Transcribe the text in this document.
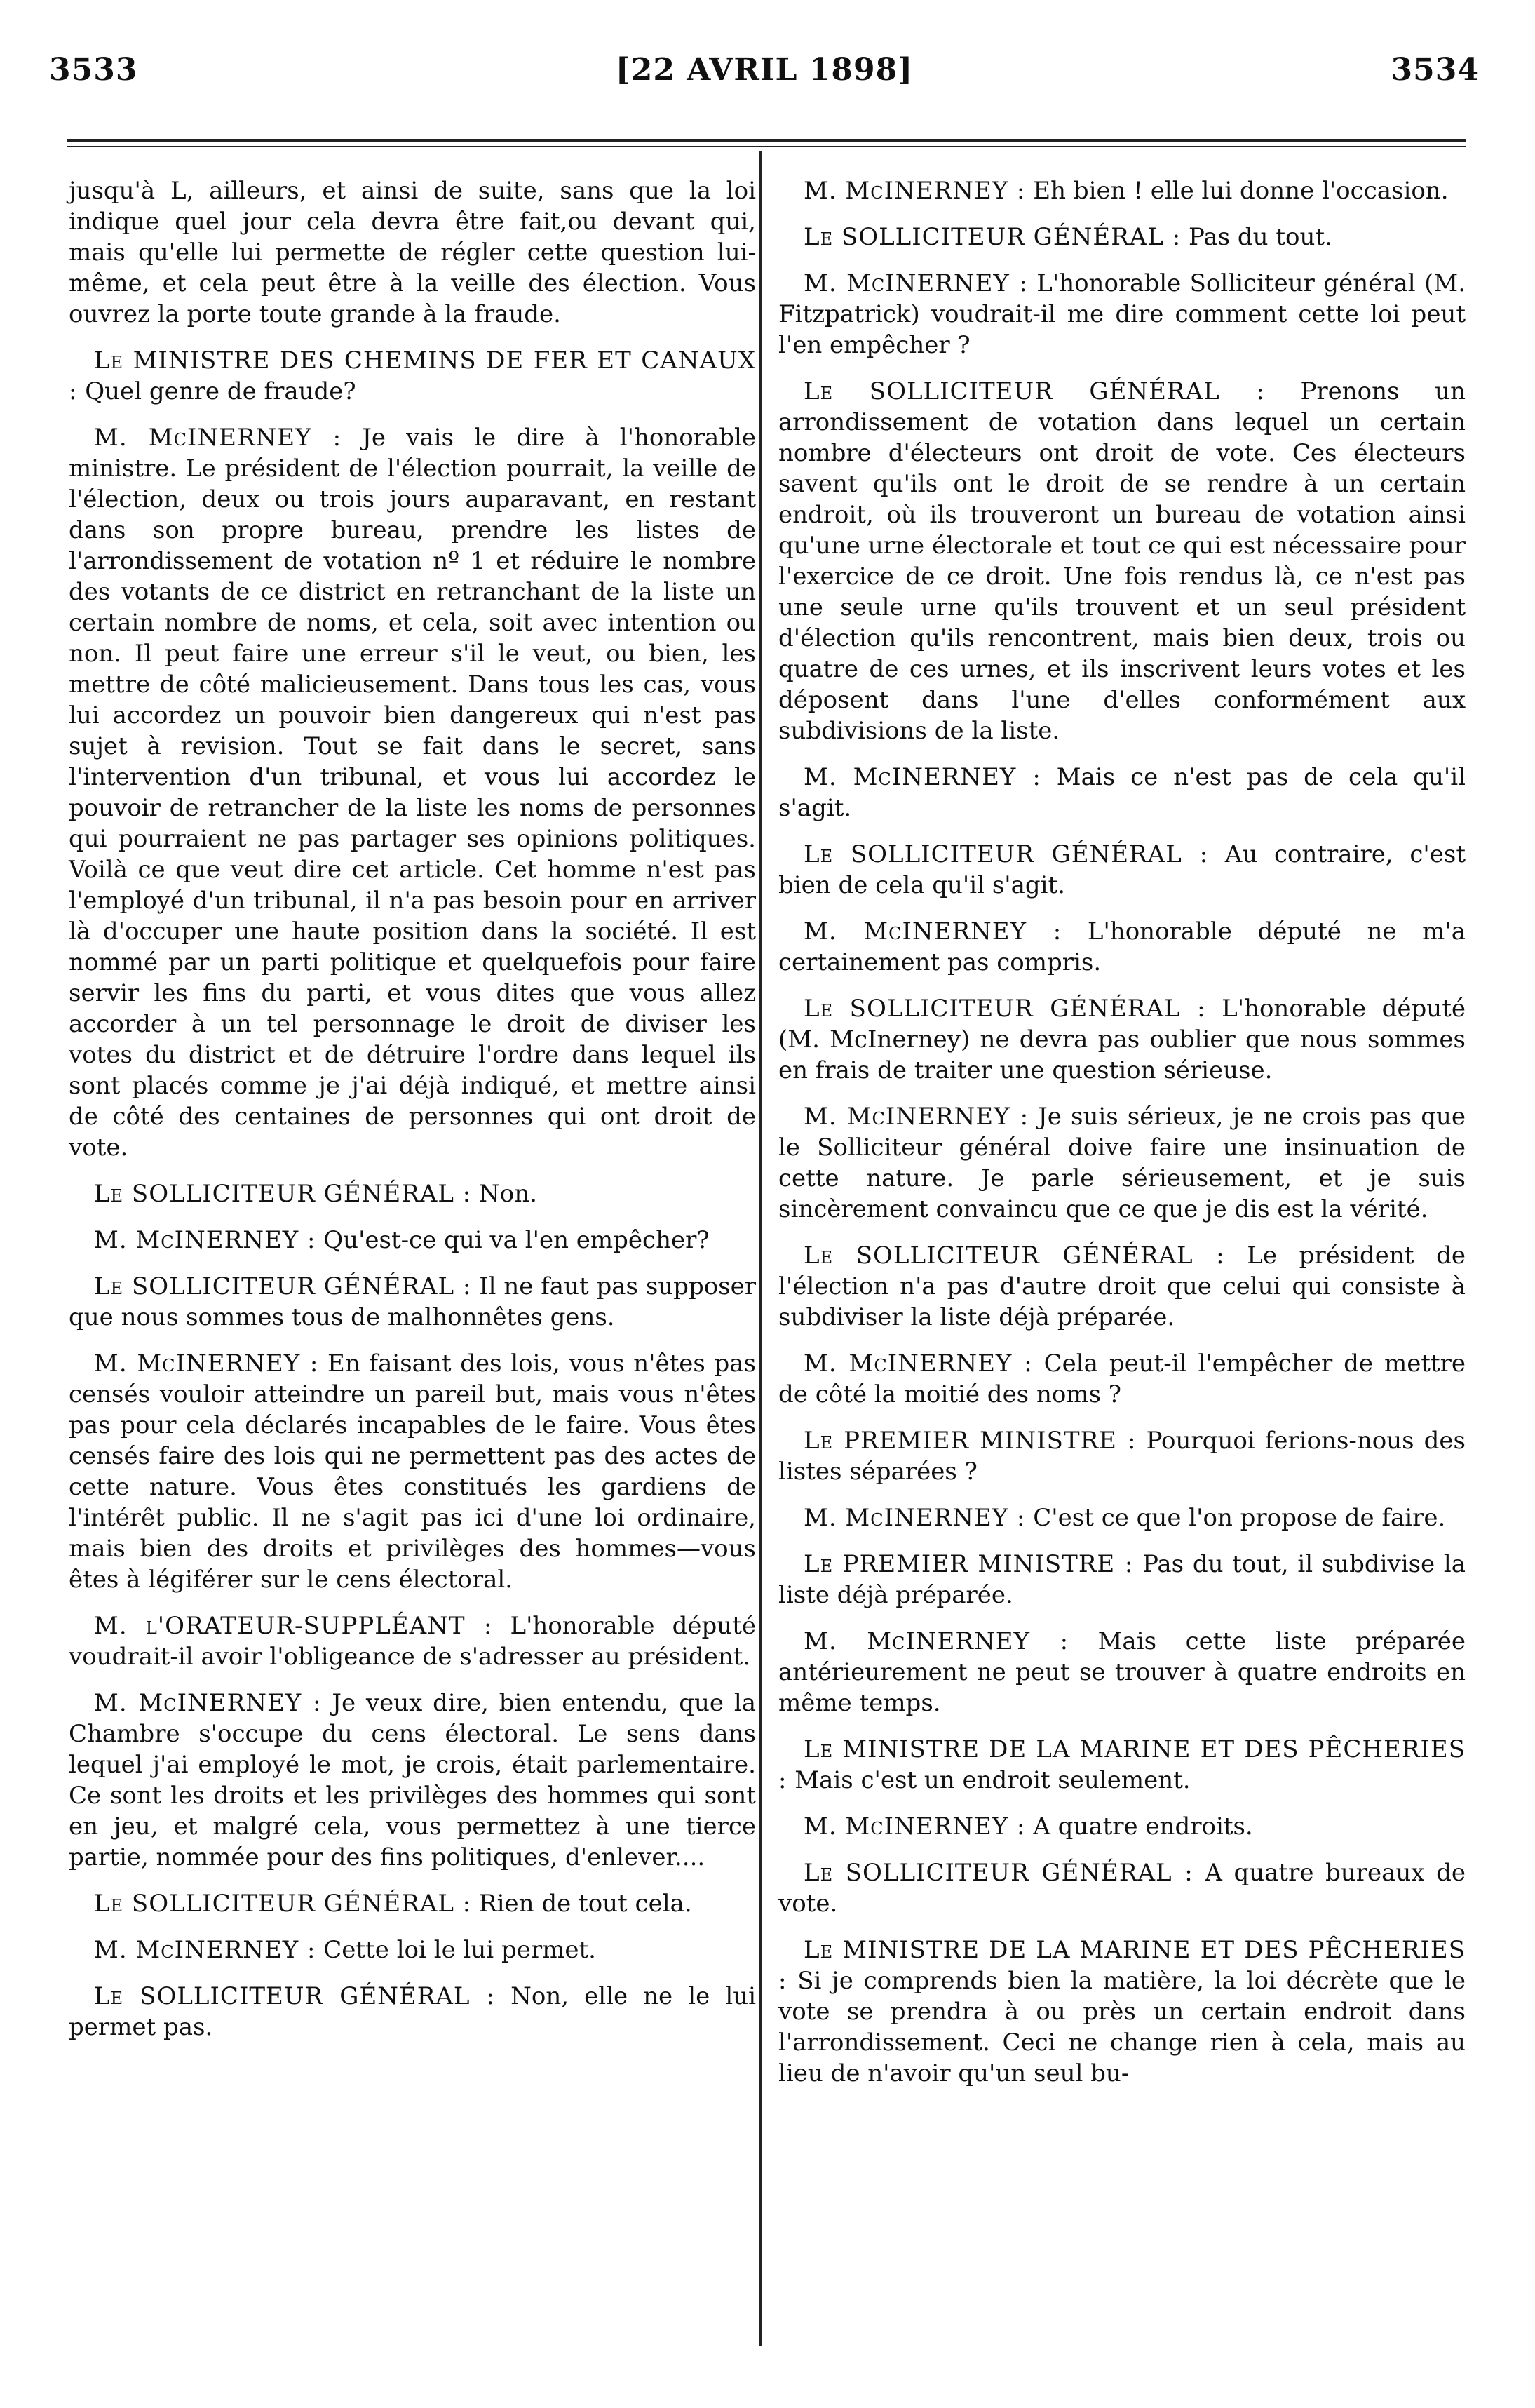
3533	[22 AVRIL 1898]	3534

jusqu'à L, ailleurs, et ainsi de suite, sans que la loi indique quel jour cela devra être fait,ou devant qui, mais qu'elle lui permette de régler cette question lui-même, et cela peut être à la veille des élection. Vous ouvrez la porte toute grande à la fraude.

Le MINISTRE DES CHEMINS DE FER ET CANAUX : Quel genre de fraude?

M. McINERNEY : Je vais le dire à l'honorable ministre. Le président de l'élection pourrait, la veille de l'élection, deux ou trois jours auparavant, en restant dans son propre bureau, prendre les listes de l'arrondissement de votation nº 1 et réduire le nombre des votants de ce district en retranchant de la liste un certain nombre de noms, et cela, soit avec intention ou non. Il peut faire une erreur s'il le veut, ou bien, les mettre de côté malicieusement. Dans tous les cas, vous lui accordez un pouvoir bien dangereux qui n'est pas sujet à revision. Tout se fait dans le secret, sans l'intervention d'un tribunal, et vous lui accordez le pouvoir de retrancher de la liste les noms de personnes qui pourraient ne pas partager ses opinions politiques. Voilà ce que veut dire cet article. Cet homme n'est pas l'employé d'un tribunal, il n'a pas besoin pour en arriver là d'occuper une haute position dans la société. Il est nommé par un parti politique et quelquefois pour faire servir les fins du parti, et vous dites que vous allez accorder à un tel personnage le droit de diviser les votes du district et de détruire l'ordre dans lequel ils sont placés comme je j'ai déjà indiqué, et mettre ainsi de côté des centaines de personnes qui ont droit de vote.

Le SOLLICITEUR GÉNÉRAL : Non.

M. McINERNEY : Qu'est-ce qui va l'en empêcher?

Le SOLLICITEUR GÉNÉRAL : Il ne faut pas supposer que nous sommes tous de malhonnêtes gens.

M. McINERNEY : En faisant des lois, vous n'êtes pas censés vouloir atteindre un pareil but, mais vous n'êtes pas pour cela déclarés incapables de le faire. Vous êtes censés faire des lois qui ne permettent pas des actes de cette nature. Vous êtes constitués les gardiens de l'intérêt public. Il ne s'agit pas ici d'une loi ordinaire, mais bien des droits et privilèges des hommes—vous êtes à légiférer sur le cens électoral.

M. l'ORATEUR-SUPPLÉANT : L'honorable député voudrait-il avoir l'obligeance de s'adresser au président.

M. McINERNEY : Je veux dire, bien entendu, que la Chambre s'occupe du cens électoral. Le sens dans lequel j'ai employé le mot, je crois, était parlementaire. Ce sont les droits et les privilèges des hommes qui sont en jeu, et malgré cela, vous permettez à une tierce partie, nommée pour des fins politiques, d'enlever....

Le SOLLICITEUR GÉNÉRAL : Rien de tout cela.

M. McINERNEY : Cette loi le lui permet.

Le SOLLICITEUR GÉNÉRAL : Non, elle ne le lui permet pas.

M. McINERNEY : Eh bien ! elle lui donne l'occasion.

Le SOLLICITEUR GÉNÉRAL : Pas du tout.

M. McINERNEY : L'honorable Solliciteur général (M. Fitzpatrick) voudrait-il me dire comment cette loi peut l'en empêcher ?

Le SOLLICITEUR GÉNÉRAL : Prenons un arrondissement de votation dans lequel un certain nombre d'électeurs ont droit de vote. Ces électeurs savent qu'ils ont le droit de se rendre à un certain endroit, où ils trouveront un bureau de votation ainsi qu'une urne électorale et tout ce qui est nécessaire pour l'exercice de ce droit. Une fois rendus là, ce n'est pas une seule urne qu'ils trouvent et un seul président d'élection qu'ils rencontrent, mais bien deux, trois ou quatre de ces urnes, et ils inscrivent leurs votes et les déposent dans l'une d'elles conformément aux subdivisions de la liste.

M. McINERNEY : Mais ce n'est pas de cela qu'il s'agit.

Le SOLLICITEUR GÉNÉRAL : Au contraire, c'est bien de cela qu'il s'agit.

M. McINERNEY : L'honorable député ne m'a certainement pas compris.

Le SOLLICITEUR GÉNÉRAL : L'honorable député (M. McInerney) ne devra pas oublier que nous sommes en frais de traiter une question sérieuse.

M. McINERNEY : Je suis sérieux, je ne crois pas que le Solliciteur général doive faire une insinuation de cette nature. Je parle sérieusement, et je suis sincèrement convaincu que ce que je dis est la vérité.

Le SOLLICITEUR GÉNÉRAL : Le président de l'élection n'a pas d'autre droit que celui qui consiste à subdiviser la liste déjà préparée.

M. McINERNEY : Cela peut-il l'empêcher de mettre de côté la moitié des noms ?

Le PREMIER MINISTRE : Pourquoi ferions-nous des listes séparées ?

M. McINERNEY : C'est ce que l'on propose de faire.

Le PREMIER MINISTRE : Pas du tout, il subdivise la liste déjà préparée.

M. McINERNEY : Mais cette liste préparée antérieurement ne peut se trouver à quatre endroits en même temps.

Le MINISTRE DE LA MARINE ET DES PÊCHERIES : Mais c'est un endroit seulement.

M. McINERNEY : A quatre endroits.

Le SOLLICITEUR GÉNÉRAL : A quatre bureaux de vote.

Le MINISTRE DE LA MARINE ET DES PÊCHERIES : Si je comprends bien la matière, la loi décrète que le vote se prendra à ou près un certain endroit dans l'arrondissement. Ceci ne change rien à cela, mais au lieu de n'avoir qu'un seul bu-
